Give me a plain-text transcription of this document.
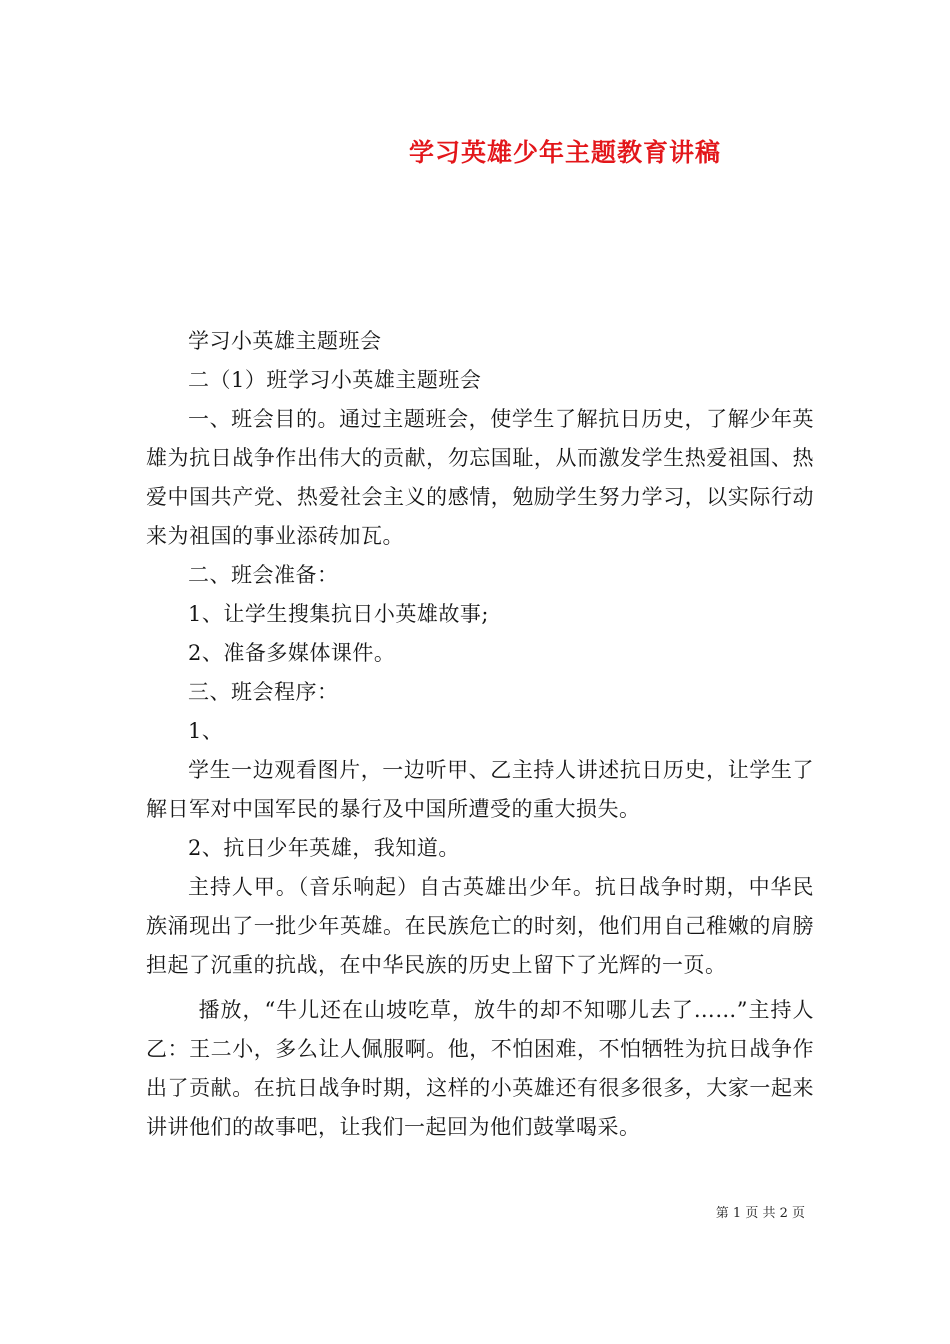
学习英雄少年主题教育讲稿

学习小英雄主题班会

二（1）班学习小英雄主题班会

一、班会目的。通过主题班会，使学生了解抗日历史，了解少年英雄为抗日战争作出伟大的贡献，勿忘国耻，从而激发学生热爱祖国、热爱中国共产党、热爱社会主义的感情，勉励学生努力学习，以实际行动来为祖国的事业添砖加瓦。

二、班会准备：

1、让学生搜集抗日小英雄故事;

2、准备多媒体课件。

三、班会程序：

1、

学生一边观看图片，一边听甲、乙主持人讲述抗日历史，让学生了解日军对中国军民的暴行及中国所遭受的重大损失。

2、抗日少年英雄，我知道。

主持人甲。（音乐响起）自古英雄出少年。抗日战争时期，中华民族涌现出了一批少年英雄。在民族危亡的时刻，他们用自己稚嫩的肩膀担起了沉重的抗战，在中华民族的历史上留下了光辉的一页。

播放，“牛儿还在山坡吃草，放牛的却不知哪儿去了……”主持人乙：王二小，多么让人佩服啊。他，不怕困难，不怕牺牲为抗日战争作出了贡献。在抗日战争时期，这样的小英雄还有很多很多，大家一起来讲讲他们的故事吧，让我们一起回为他们鼓掌喝采。

第 1 页 共 2 页
